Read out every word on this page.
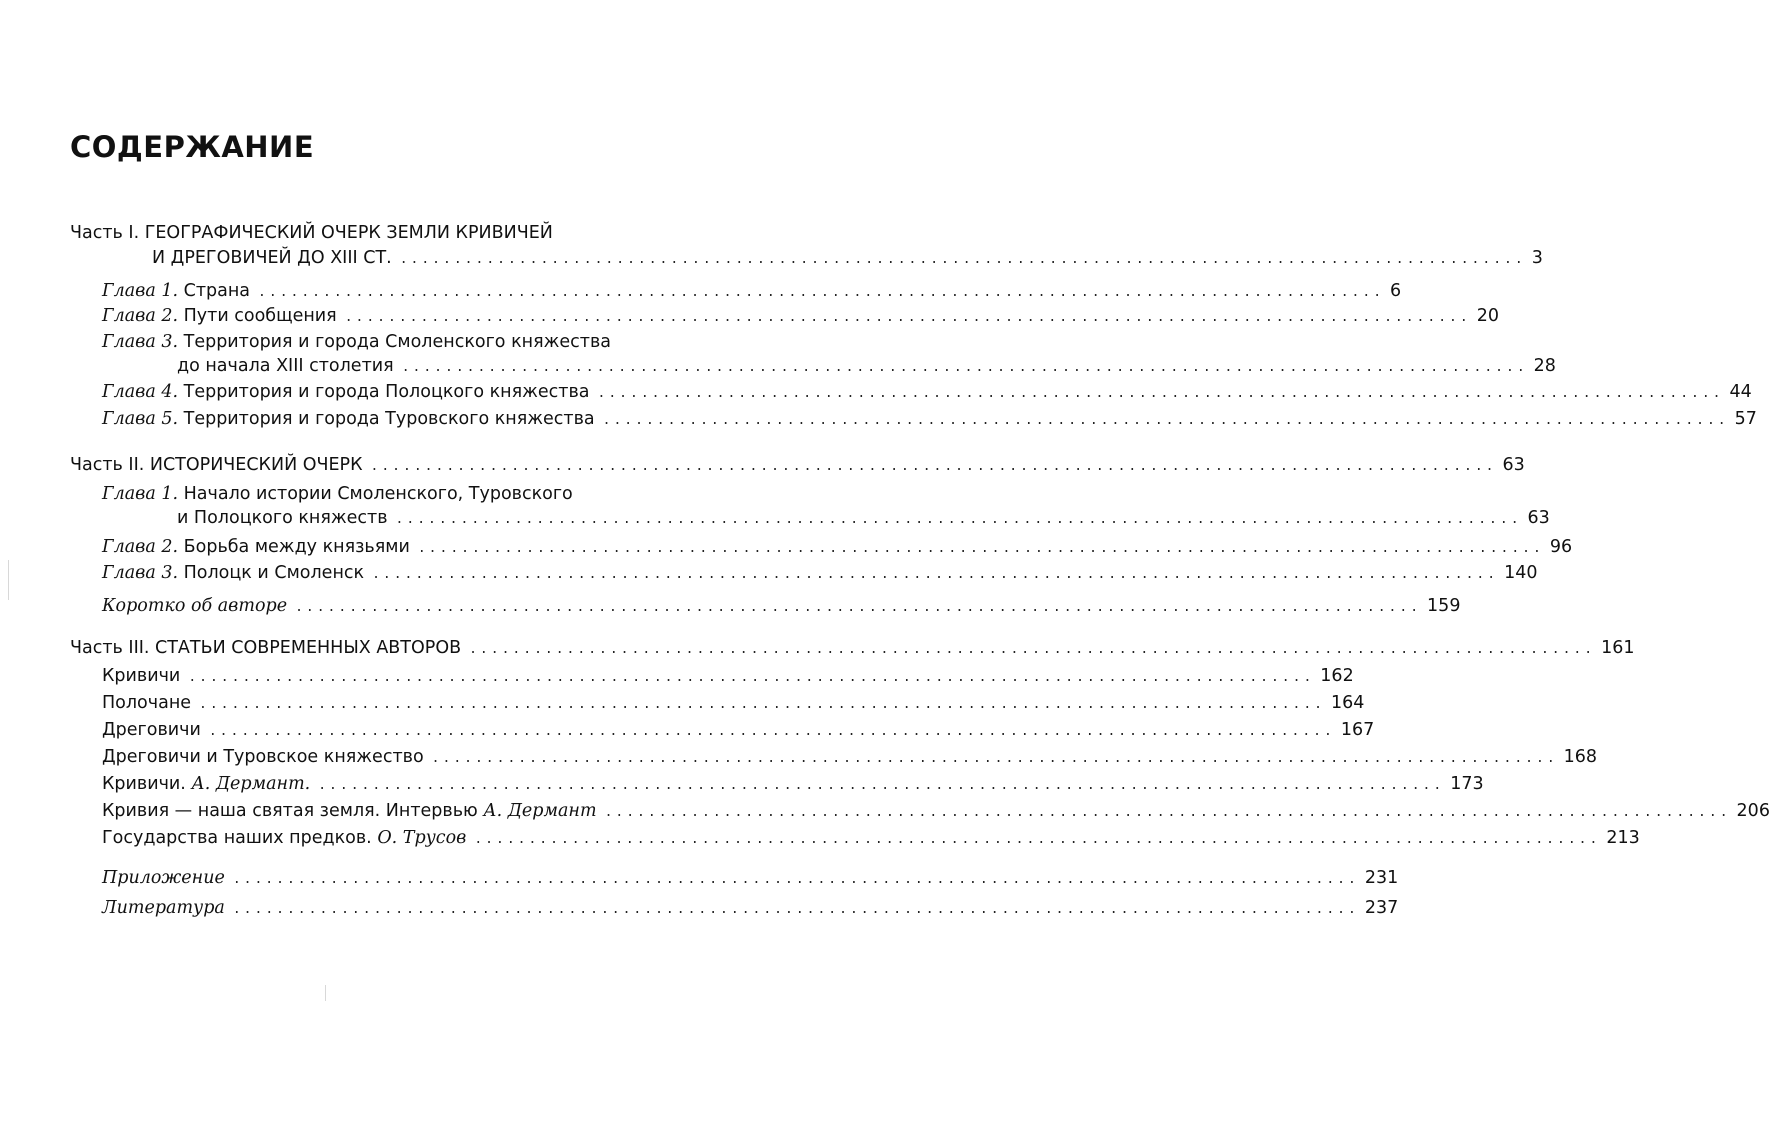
СОДЕРЖАНИЕ
Часть I. ГЕОГРАФИЧЕСКИЙ ОЧЕРК ЗЕМЛИ КРИВИЧЕЙ
И ДРЕГОВИЧЕЙ ДО XIII СТ. ........................................................................................................ 3
Глава 1. Страна ........................................................................................................ 6
Глава 2. Пути сообщения ........................................................................................................ 20
Глава 3. Территория и города Смоленского княжества
до начала XIII столетия ........................................................................................................ 28
Глава 4. Территория и города Полоцкого княжества ........................................................................................................ 44
Глава 5. Территория и города Туровского княжества ........................................................................................................ 57
Часть II. ИСТОРИЧЕСКИЙ ОЧЕРК ........................................................................................................ 63
Глава 1. Начало истории Смоленского, Туровского
и Полоцкого княжеств ........................................................................................................ 63
Глава 2. Борьба между князьями ........................................................................................................ 96
Глава 3. Полоцк и Смоленск ........................................................................................................ 140
Коротко об авторе ........................................................................................................ 159
Часть III. СТАТЬИ СОВРЕМЕННЫХ АВТОРОВ ........................................................................................................ 161
Кривичи ........................................................................................................ 162
Полочане ........................................................................................................ 164
Дреговичи ........................................................................................................ 167
Дреговичи и Туровское княжество ........................................................................................................ 168
Кривичи. А. Дермант. ........................................................................................................ 173
Кривия — наша святая земля. Интервью А. Дермант ........................................................................................................ 206
Государства наших предков. О. Трусов ........................................................................................................ 213
Приложение ........................................................................................................ 231
Литература ........................................................................................................ 237
